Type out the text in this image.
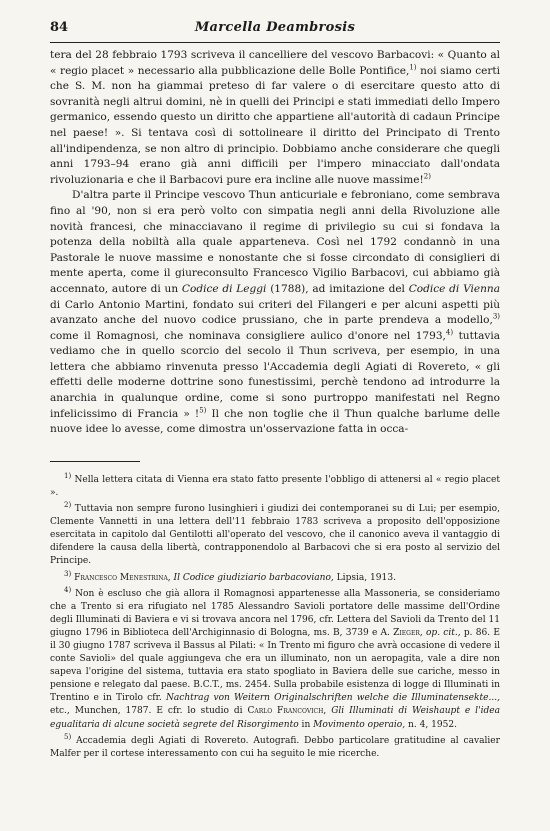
84	Marcella Deambrosis

tera del 28 febbraio 1793 scriveva il cancelliere del vescovo Barbacovi: « Quanto al « regio placet » necessario alla pubblicazione delle Bolle Pontifice,$^{1)}$ noi siamo certi che S. M. non ha giammai preteso di far valere o di esercitare questo atto di sovranità negli altrui domini, nè in quelli dei Principi e stati immediati dello Impero germanico, essendo questo un diritto che appartiene all'autorità di cadaun Principe nel paese! ». Si tentava così di sottolineare il diritto del Principato di Trento all'indipendenza, se non altro di principio. Dobbiamo anche considerare che quegli anni 1793–94 erano già anni difficili per l'impero minacciato dall'ondata rivoluzionaria e che il Barbacovi pure era incline alle nuove massime!$^{2)}$

D'altra parte il Principe vescovo Thun anticuriale e febroniano, come sembrava fino al '90, non si era però volto con simpatia negli anni della Rivoluzione alle novità francesi, che minacciavano il regime di privilegio su cui si fondava la potenza della nobiltà alla quale apparteneva. Così nel 1792 condannò in una Pastorale le nuove massime e nonostante che si fosse circondato di consiglieri di mente aperta, come il giureconsulto Francesco Vigilio Barbacovi, cui abbiamo già accennato, autore di un Codice di Leggi (1788), ad imitazione del Codice di Vienna di Carlo Antonio Martini, fondato sui criteri del Filangeri e per alcuni aspetti più avanzato anche del nuovo codice prussiano, che in parte prendeva a modello,$^{3)}$ come il Romagnosi, che nominava consigliere aulico d'onore nel 1793,$^{4)}$ tuttavia vediamo che in quello scorcio del secolo il Thun scriveva, per esempio, in una lettera che abbiamo rinvenuta presso l'Accademia degli Agiati di Rovereto, « gli effetti delle moderne dottrine sono funestissimi, perchè tendono ad introdurre la anarchia in qualunque ordine, come si sono purtroppo manifestati nel Regno infelicissimo di Francia » !$^{5)}$ Il che non toglie che il Thun qualche barlume delle nuove idee lo avesse, come dimostra un'osservazione fatta in occa-

$^{1)}$ Nella lettera citata di Vienna era stato fatto presente l'obbligo di attenersi al « regio placet ».

$^{2)}$ Tuttavia non sempre furono lusinghieri i giudizi dei contemporanei su di Lui; per esempio, Clemente Vannetti in una lettera dell'11 febbraio 1783 scriveva a proposito dell'opposizione esercitata in capitolo dal Gentilotti all'operato del vescovo, che il canonico aveva il vantaggio di difendere la causa della libertà, contrapponendolo al Barbacovi che si era posto al servizio del Principe.

$^{3)}$ Francesco Menestrina, Il Codice giudiziario barbacoviano, Lipsia, 1913.

$^{4)}$ Non è escluso che già allora il Romagnosi appartenesse alla Massoneria, se consideriamo che a Trento si era rifugiato nel 1785 Alessandro Savioli portatore delle massime dell'Ordine degli Illuminati di Baviera e vi si trovava ancora nel 1796, cfr. Lettera del Savioli da Trento del 11 giugno 1796 in Biblioteca dell'Archiginnasio di Bologna, ms. B, 3739 e A. Zieger, op. cit., p. 86. E il 30 giugno 1787 scriveva il Bassus al Pilati: « In Trento mi figuro che avrà occasione di vedere il conte Savioli» del quale aggiungeva che era un illuminato, non un aeropagita, vale a dire non sapeva l'origine del sistema, tuttavia era stato spogliato in Baviera delle sue cariche, messo in pensione e relegato dal paese. B.C.T., ms. 2454. Sulla probabile esistenza di logge di Illuminati in Trentino e in Tirolo cfr. Nachtrag von Weitern Originalschriften welche die Illuminatensekte..., etc., Munchen, 1787. E cfr. lo studio di Carlo Francovich, Gli Illuminati di Weishaupt e l'idea egualitaria di alcune società segrete del Risorgimento in Movimento operaio, n. 4, 1952.

$^{5)}$ Accademia degli Agiati di Rovereto. Autografi. Debbo particolare gratitudine al cavalier Malfer per il cortese interessamento con cui ha seguito le mie ricerche.
